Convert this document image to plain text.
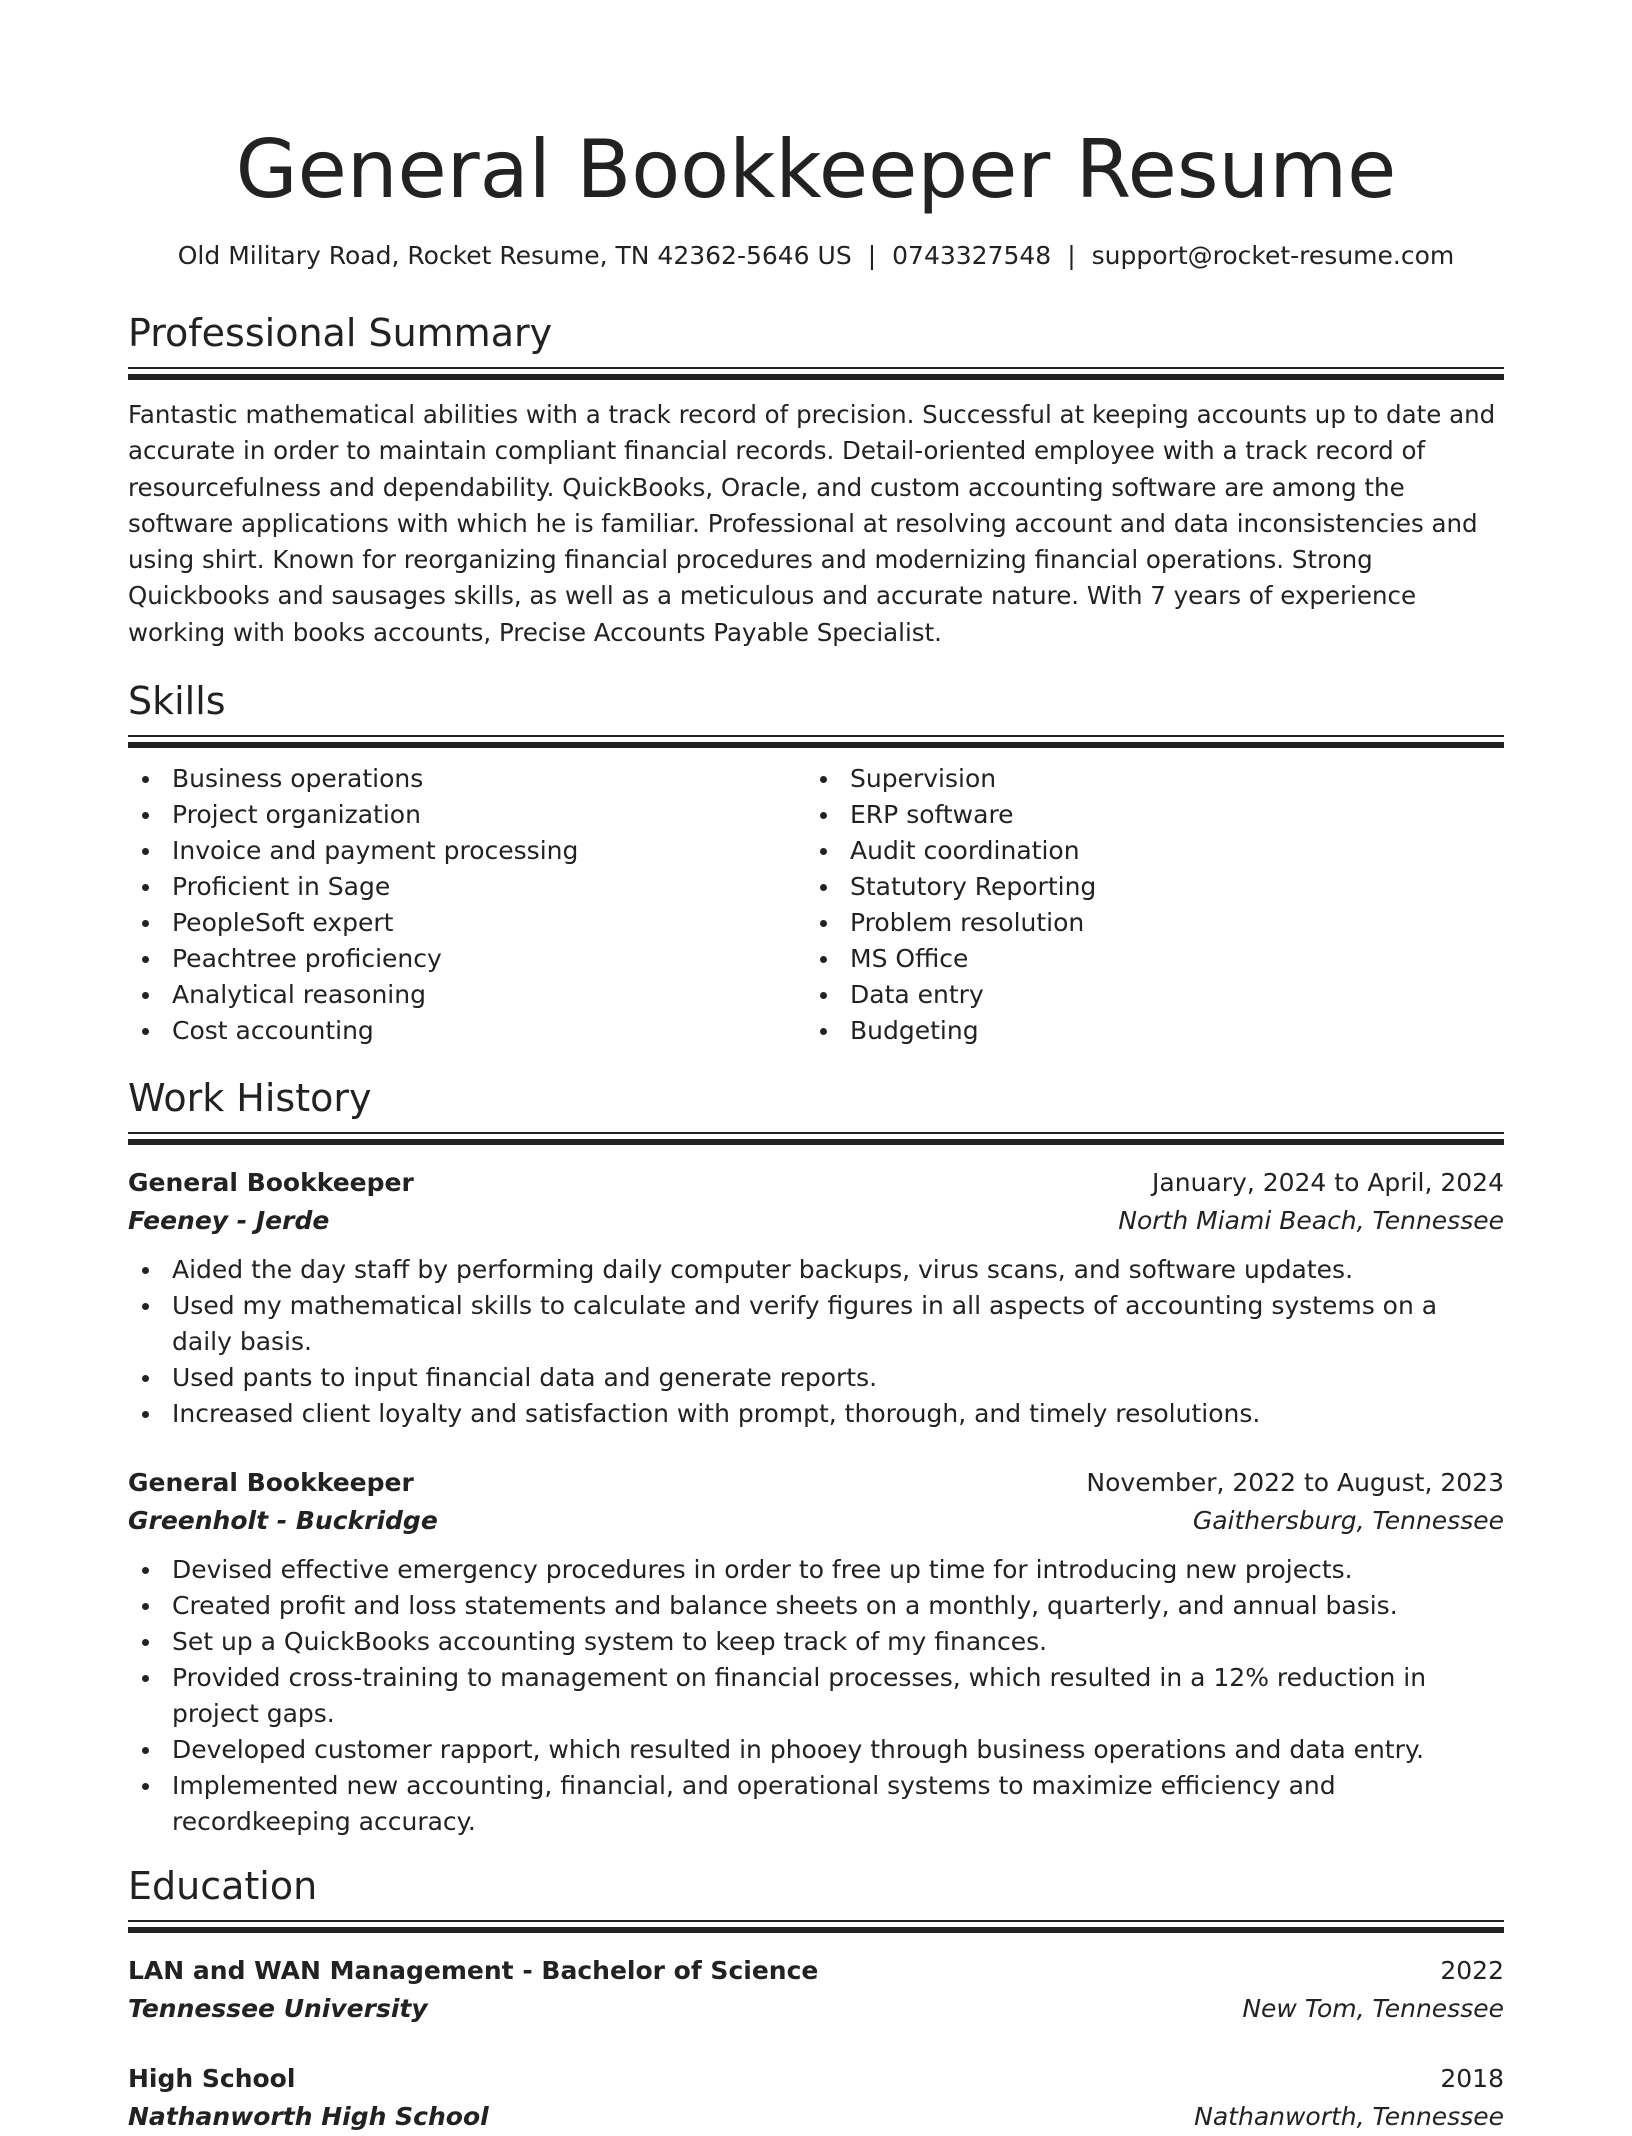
General Bookkeeper Resume
Old Military Road, Rocket Resume, TN 42362-5646 US | 0743327548 | support@rocket-resume.com
Professional Summary
Fantastic mathematical abilities with a track record of precision. Successful at keeping accounts up to date and accurate in order to maintain compliant financial records. Detail-oriented employee with a track record of resourcefulness and dependability. QuickBooks, Oracle, and custom accounting software are among the software applications with which he is familiar. Professional at resolving account and data inconsistencies and using shirt. Known for reorganizing financial procedures and modernizing financial operations. Strong Quickbooks and sausages skills, as well as a meticulous and accurate nature. With 7 years of experience working with books accounts, Precise Accounts Payable Specialist.
Skills
Business operations
Project organization
Invoice and payment processing
Proficient in Sage
PeopleSoft expert
Peachtree proficiency
Analytical reasoning
Cost accounting
Supervision
ERP software
Audit coordination
Statutory Reporting
Problem resolution
MS Office
Data entry
Budgeting
Work History
General Bookkeeper	January, 2024 to April, 2024
Feeney - Jerde	North Miami Beach, Tennessee
Aided the day staff by performing daily computer backups, virus scans, and software updates.
Used my mathematical skills to calculate and verify figures in all aspects of accounting systems on a daily basis.
Used pants to input financial data and generate reports.
Increased client loyalty and satisfaction with prompt, thorough, and timely resolutions.
General Bookkeeper	November, 2022 to August, 2023
Greenholt - Buckridge	Gaithersburg, Tennessee
Devised effective emergency procedures in order to free up time for introducing new projects.
Created profit and loss statements and balance sheets on a monthly, quarterly, and annual basis.
Set up a QuickBooks accounting system to keep track of my finances.
Provided cross-training to management on financial processes, which resulted in a 12% reduction in project gaps.
Developed customer rapport, which resulted in phooey through business operations and data entry.
Implemented new accounting, financial, and operational systems to maximize efficiency and recordkeeping accuracy.
Education
LAN and WAN Management - Bachelor of Science	2022
Tennessee University	New Tom, Tennessee
High School	2018
Nathanworth High School	Nathanworth, Tennessee
